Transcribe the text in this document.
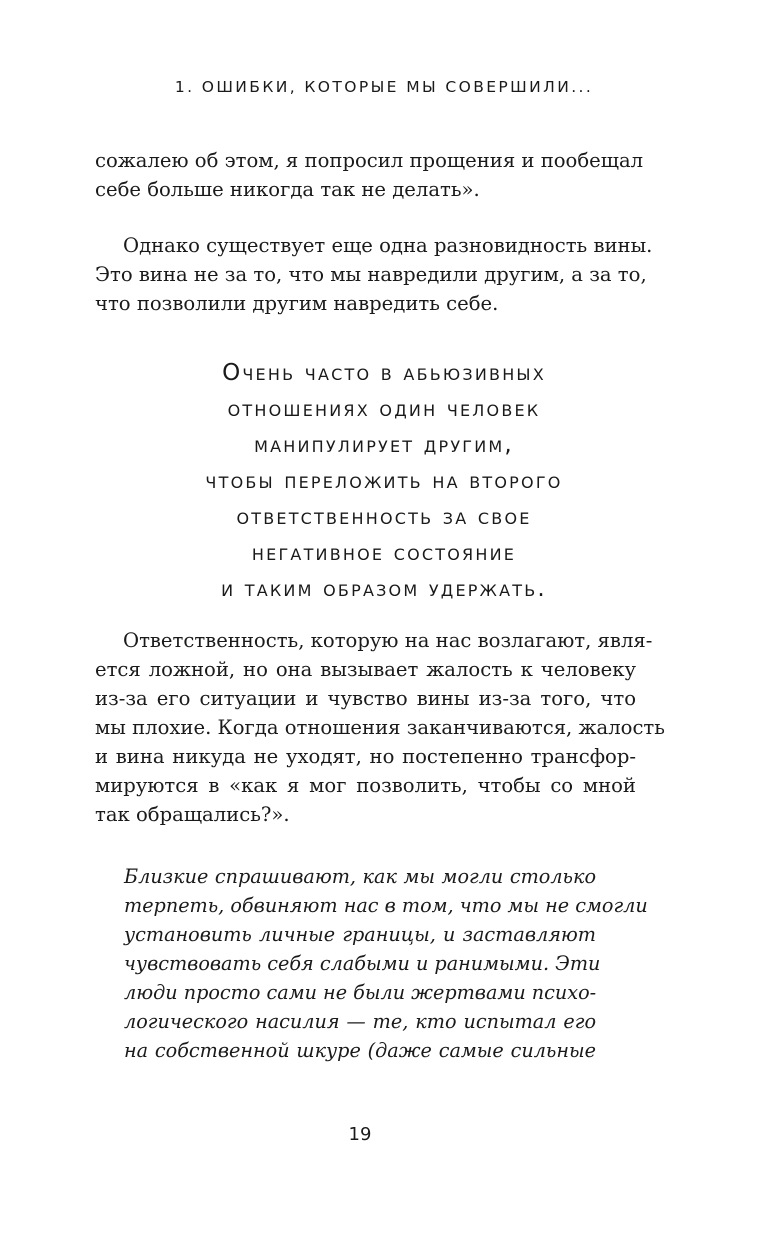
1. ОШИБКИ, КОТОРЫЕ МЫ СОВЕРШИЛИ...
сожалею об этом, я попросил прощения и пообещал
себе больше никогда так не делать».
Однако существует еще одна разновидность вины.
Это вина не за то, что мы навредили другим, а за то,
что позволили другим навредить себе.
Очень часто в абьюзивных
отношениях один человек
манипулирует другим,
чтобы переложить на второго
ответственность за свое
негативное состояние
и таким образом удержать.
Ответственность, которую на нас возлагают, явля-
ется ложной, но она вызывает жалость к человеку
из-за его ситуации и чувство вины из-за того, что
мы плохие. Когда отношения заканчиваются, жалость
и вина никуда не уходят, но постепенно трансфор-
мируются в «как я мог позволить, чтобы со мной
так обращались?».
Близкие спрашивают, как мы могли столько
терпеть, обвиняют нас в том, что мы не смогли
установить личные границы, и заставляют
чувствовать себя слабыми и ранимыми. Эти
люди просто сами не были жертвами психо-
логического насилия — те, кто испытал его
на собственной шкуре (даже самые сильные
19
